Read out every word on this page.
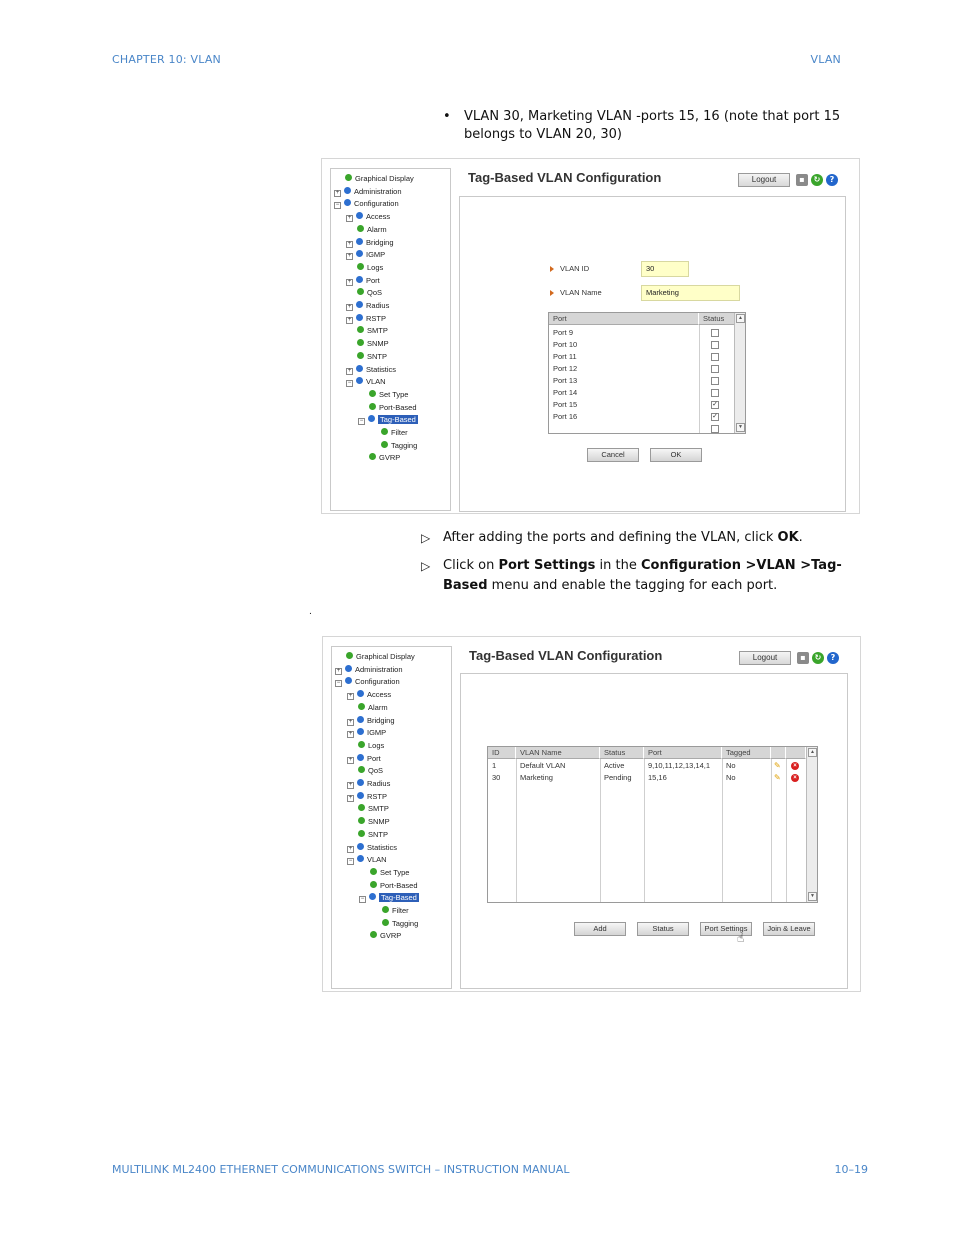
CHAPTER 10: VLAN	VLAN
• VLAN 30, Marketing VLAN -ports 15, 16 (note that port 15 belongs to VLAN 20, 30)
Graphical Display
+ Administration
− Configuration
+ Access
Alarm
+ Bridging
+ IGMP
Logs
+ Port
QoS
+ Radius
+ RSTP
SMTP
SNMP
SNTP
+ Statistics
− VLAN
Set Type
Port-Based
− Tag-Based
Filter
Tagging
GVRP
Tag-Based VLAN Configuration	Logout	▪	↻	?
VLAN ID	30
VLAN Name	Marketing
Port	Status	▲
▼
Port 9
Port 10
Port 11
Port 12
Port 13
Port 14
Port 15	✓
Port 16	✓
Cancel	OK
▷ After adding the ports and defining the VLAN, click OK.
▷ Click on Port Settings in the Configuration >VLAN >Tag-Based menu and enable the tagging for each port.
.
Graphical Display
+ Administration
− Configuration
+ Access
Alarm
+ Bridging
+ IGMP
Logs
+ Port
QoS
+ Radius
+ RSTP
SMTP
SNMP
SNTP
+ Statistics
− VLAN
Set Type
Port-Based
− Tag-Based
Filter
Tagging
GVRP
Tag-Based VLAN Configuration	Logout	▪	↻	?
▲
▼
ID	VLAN Name	Status	Port	Tagged
1	Default VLAN	Active	9,10,11,12,13,14,1	No	✎	×
30	Marketing	Pending	15,16	No	✎	×
Add	Status	Port Settings	Join & Leave
☝
MULTILINK ML2400 ETHERNET COMMUNICATIONS SWITCH – INSTRUCTION MANUAL	10–19
